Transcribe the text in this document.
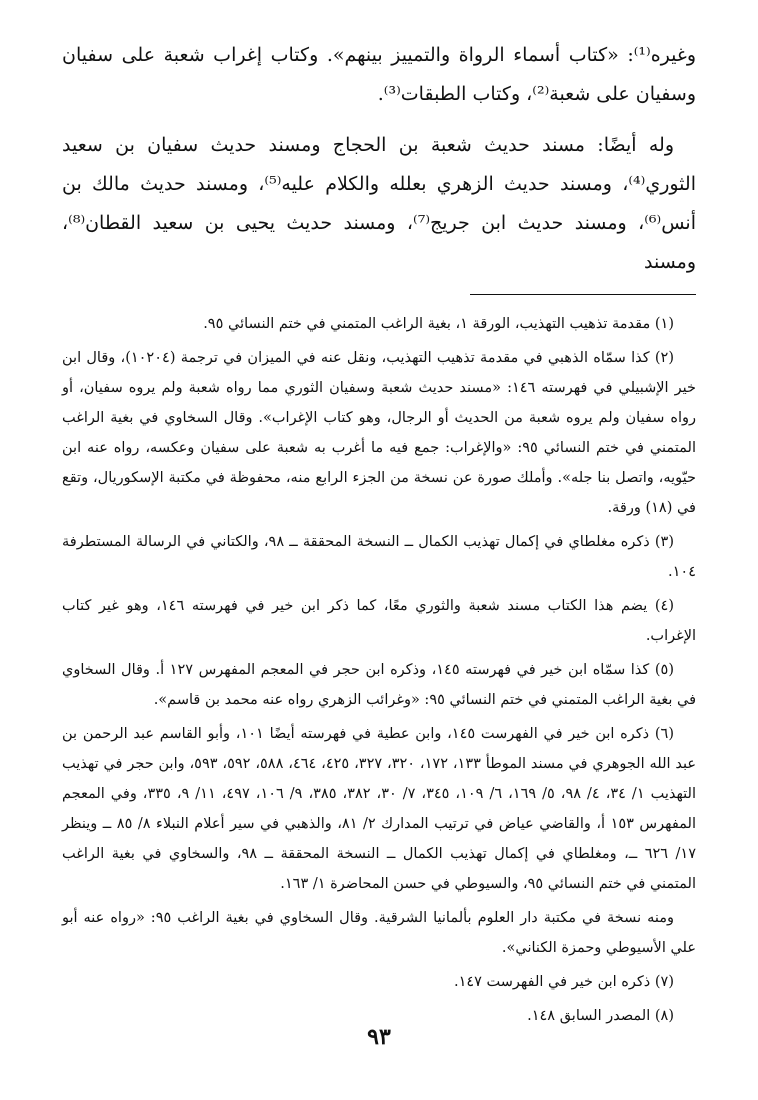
وغيره⁽¹⁾: «كتاب أسماء الرواة والتمييز بينهم». وكتاب إغراب شعبة على سفيان وسفيان على شعبة⁽²⁾، وكتاب الطبقات⁽³⁾.

وله أيضًا: مسند حديث شعبة بن الحجاج ومسند حديث سفيان بن سعيد الثوري⁽⁴⁾، ومسند حديث الزهري بعلله والكلام عليه⁽⁵⁾، ومسند حديث مالك بن أنس⁽⁶⁾، ومسند حديث ابن جريج⁽⁷⁾، ومسند حديث يحيى بن سعيد القطان⁽⁸⁾، ومسند

(١) مقدمة تذهيب التهذيب، الورقة ١، بغية الراغب المتمني في ختم النسائي ٩٥.

(٢) كذا سمّاه الذهبي في مقدمة تذهيب التهذيب، ونقل عنه في الميزان في ترجمة (١٠٢٠٤)، وقال ابن خير الإشبيلي في فهرسته ١٤٦: «مسند حديث شعبة وسفيان الثوري مما رواه شعبة ولم يروه سفيان، أو رواه سفيان ولم يروه شعبة من الحديث أو الرجال، وهو كتاب الإغراب». وقال السخاوي في بغية الراغب المتمني في ختم النسائي ٩٥: «والإغراب: جمع فيه ما أغرب به شعبة على سفيان وعكسه، رواه عنه ابن حيّويه، واتصل بنا جله». وأملك صورة عن نسخة من الجزء الرابع منه، محفوظة في مكتبة الإسكوريال، وتقع في (١٨) ورقة.

(٣) ذكره مغلطاي في إكمال تهذيب الكمال ــ النسخة المحققة ــ ٩٨، والكتاني في الرسالة المستطرفة ١٠٤.

(٤) يضم هذا الكتاب مسند شعبة والثوري معًا، كما ذكر ابن خير في فهرسته ١٤٦، وهو غير كتاب الإغراب.

(٥) كذا سمّاه ابن خير في فهرسته ١٤٥، وذكره ابن حجر في المعجم المفهرس ١٢٧ أ. وقال السخاوي في بغية الراغب المتمني في ختم النسائي ٩٥: «وغرائب الزهري رواه عنه محمد بن قاسم».

(٦) ذكره ابن خير في الفهرست ١٤٥، وابن عطية في فهرسته أيضًا ١٠١، وأبو القاسم عبد الرحمن بن عبد الله الجوهري في مسند الموطأ ١٣٣، ١٧٢، ٣٢٠، ٣٢٧، ٤٢٥، ٤٦٤، ٥٨٨، ٥٩٢، ٥٩٣، وابن حجر في تهذيب التهذيب ١/ ٣٤، ٤/ ٩٨، ٥/ ١٦٩، ٦/ ١٠٩، ٣٤٥، ٧/ ٣٠، ٣٨٢، ٣٨٥، ٩/ ١٠٦، ٤٩٧، ١١/ ٩، ٣٣٥، وفي المعجم المفهرس ١٥٣ أ، والقاضي عياض في ترتيب المدارك ٢/ ٨١، والذهبي في سير أعلام النبلاء ٨/ ٨٥ ــ وينظر ١٧/ ٦٢٦ ــ، ومغلطاي في إكمال تهذيب الكمال ــ النسخة المحققة ــ ٩٨، والسخاوي في بغية الراغب المتمني في ختم النسائي ٩٥، والسيوطي في حسن المحاضرة ١/ ١٦٣.

ومنه نسخة في مكتبة دار العلوم بألمانيا الشرقية. وقال السخاوي في بغية الراغب ٩٥: «رواه عنه أبو علي الأسيوطي وحمزة الكناني».

(٧) ذكره ابن خير في الفهرست ١٤٧.

(٨) المصدر السابق ١٤٨.

٩٣
